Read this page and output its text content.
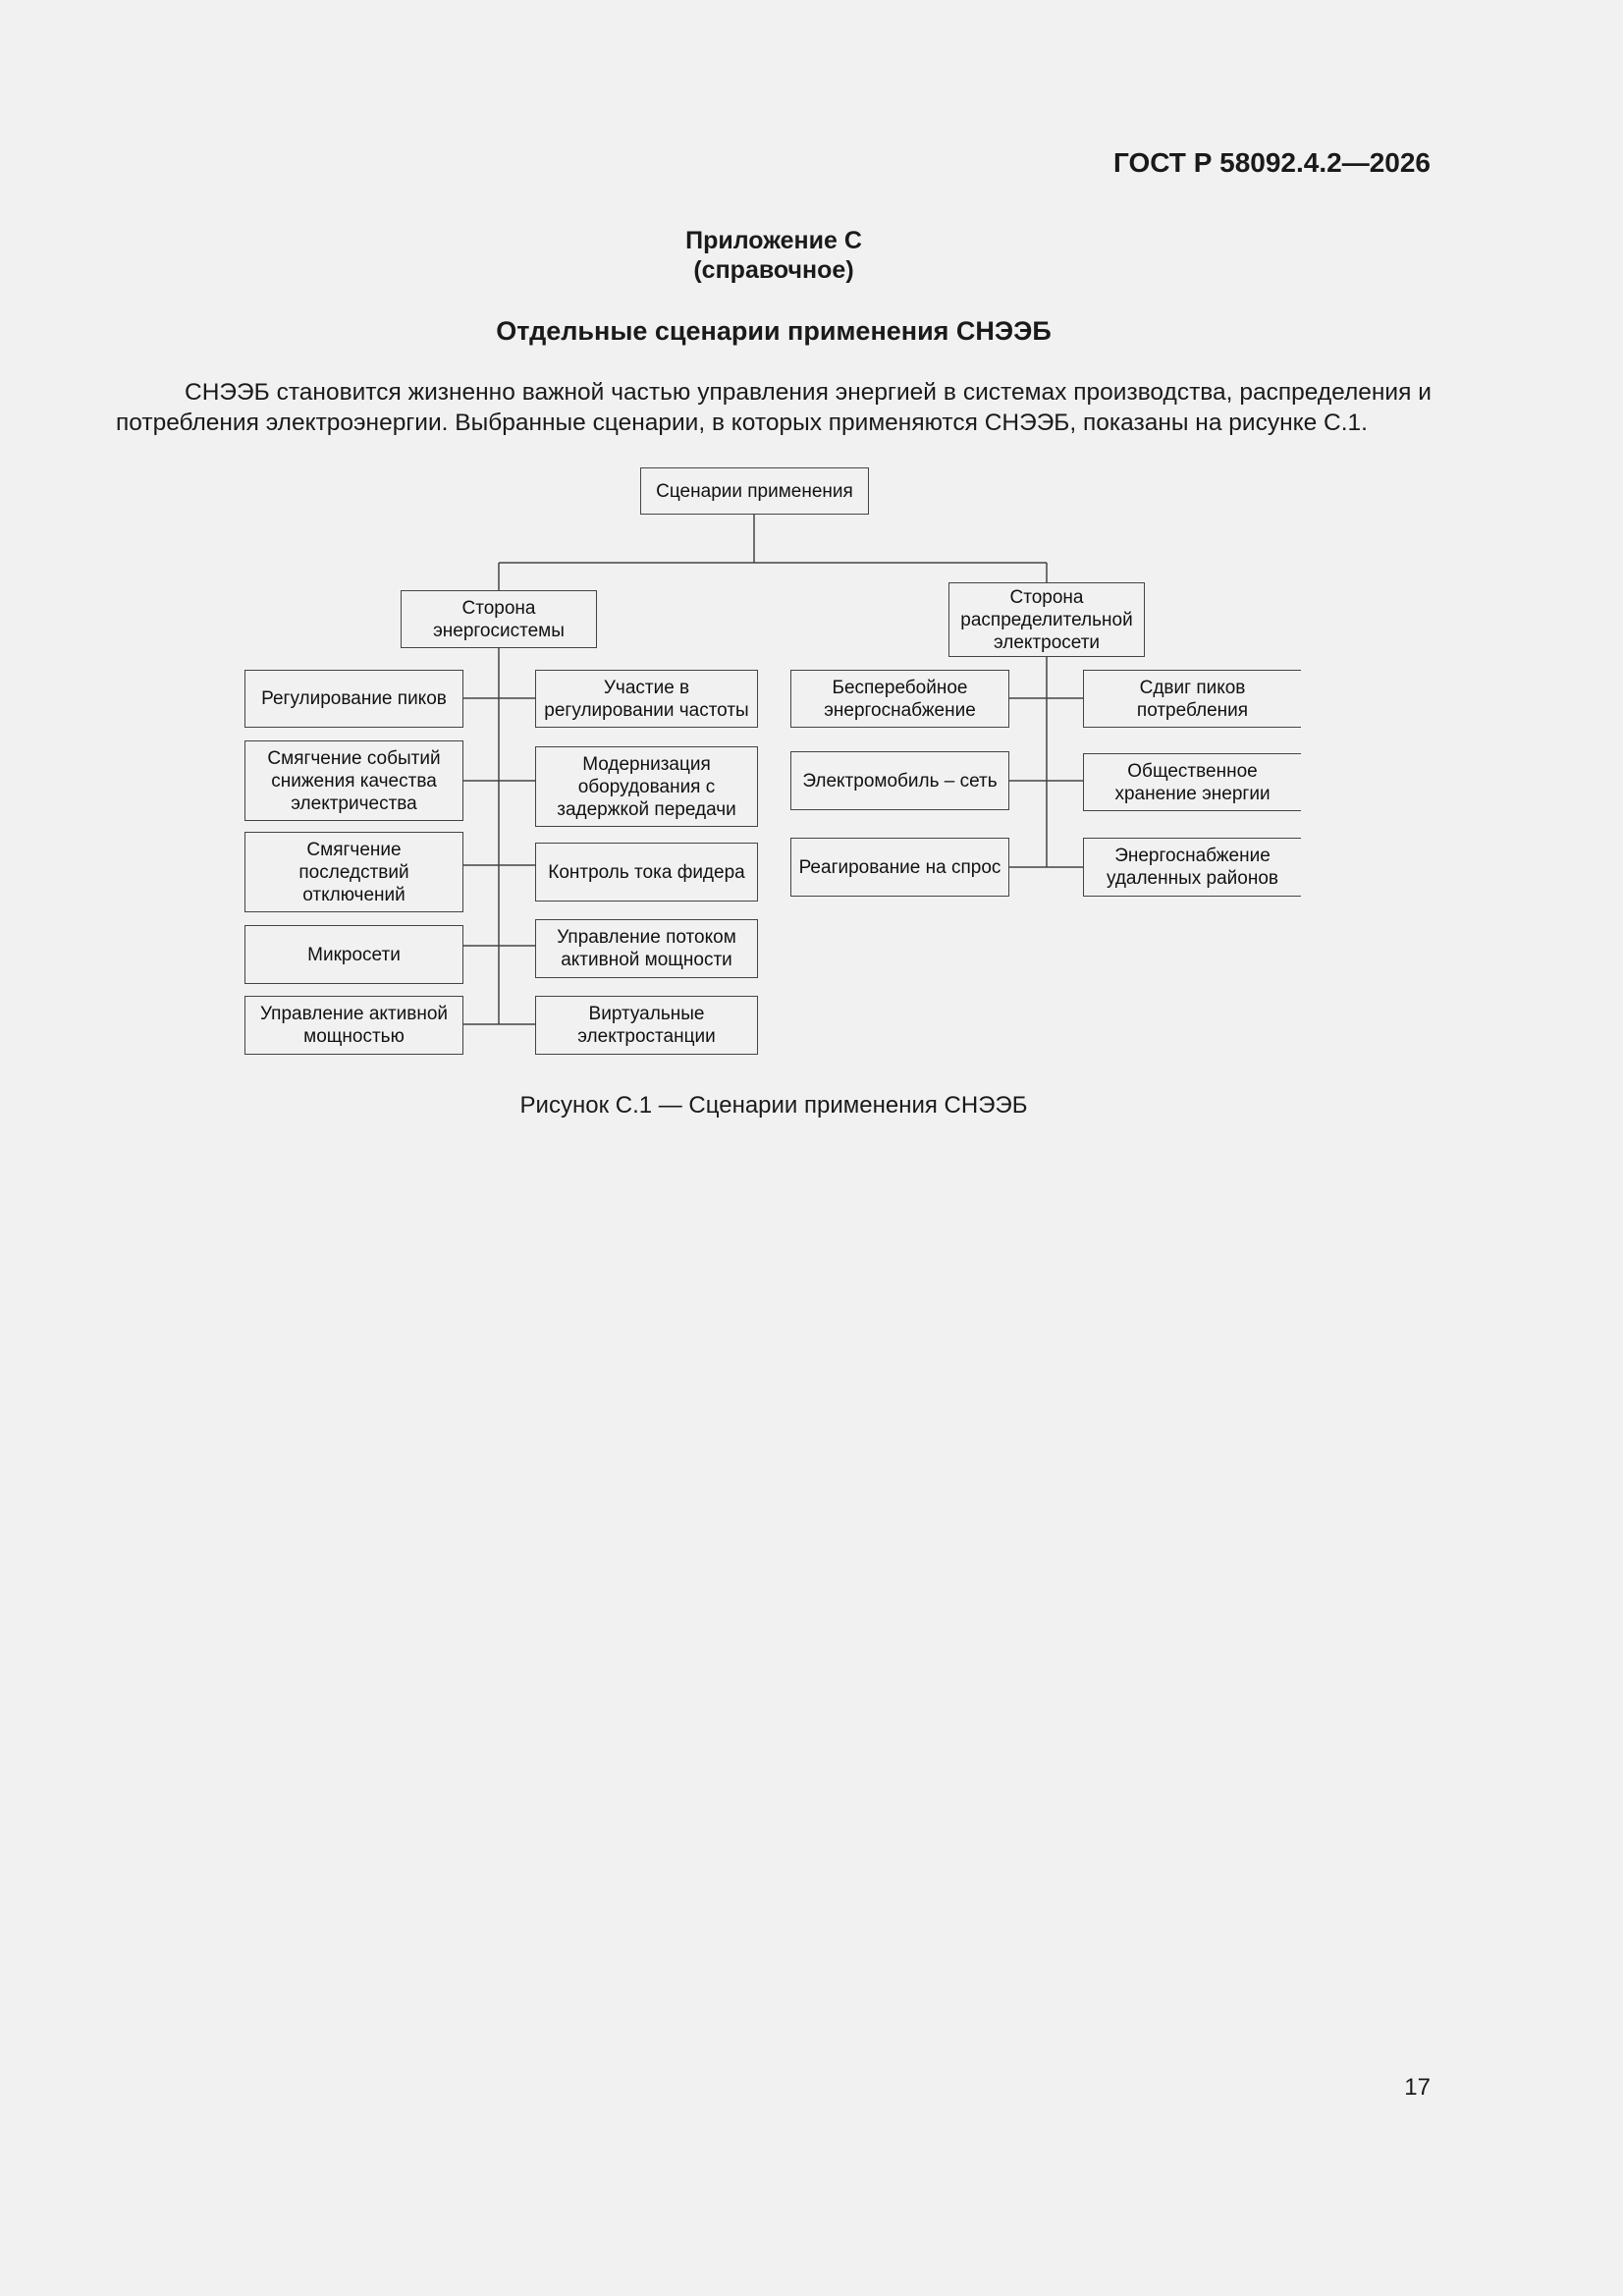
ГОСТ Р 58092.4.2—2026
Приложение С
(справочное)
Отдельные сценарии применения СНЭЭБ
СНЭЭБ становится жизненно важной частью управления энергией в системах производства, распределения и потребления электроэнергии. Выбранные сценарии, в которых применяются СНЭЭБ, показаны на рисунке С.1.
Сценарии применения
Сторона энергосистемы
Сторона распределительной электросети
Регулирование пиков
Смягчение событий снижения качества электричества
Смягчение последствий отключений
Микросети
Управление активной мощностью
Участие в регулировании частоты
Модернизация оборудования с задержкой передачи
Контроль тока фидера
Управление потоком активной мощности
Виртуальные электростанции
Бесперебойное энергоснабжение
Электромобиль – сеть
Реагирование на спрос
Сдвиг пиков потребления
Общественное хранение энергии
Энергоснабжение удаленных районов
Рисунок С.1 — Сценарии применения СНЭЭБ
17
